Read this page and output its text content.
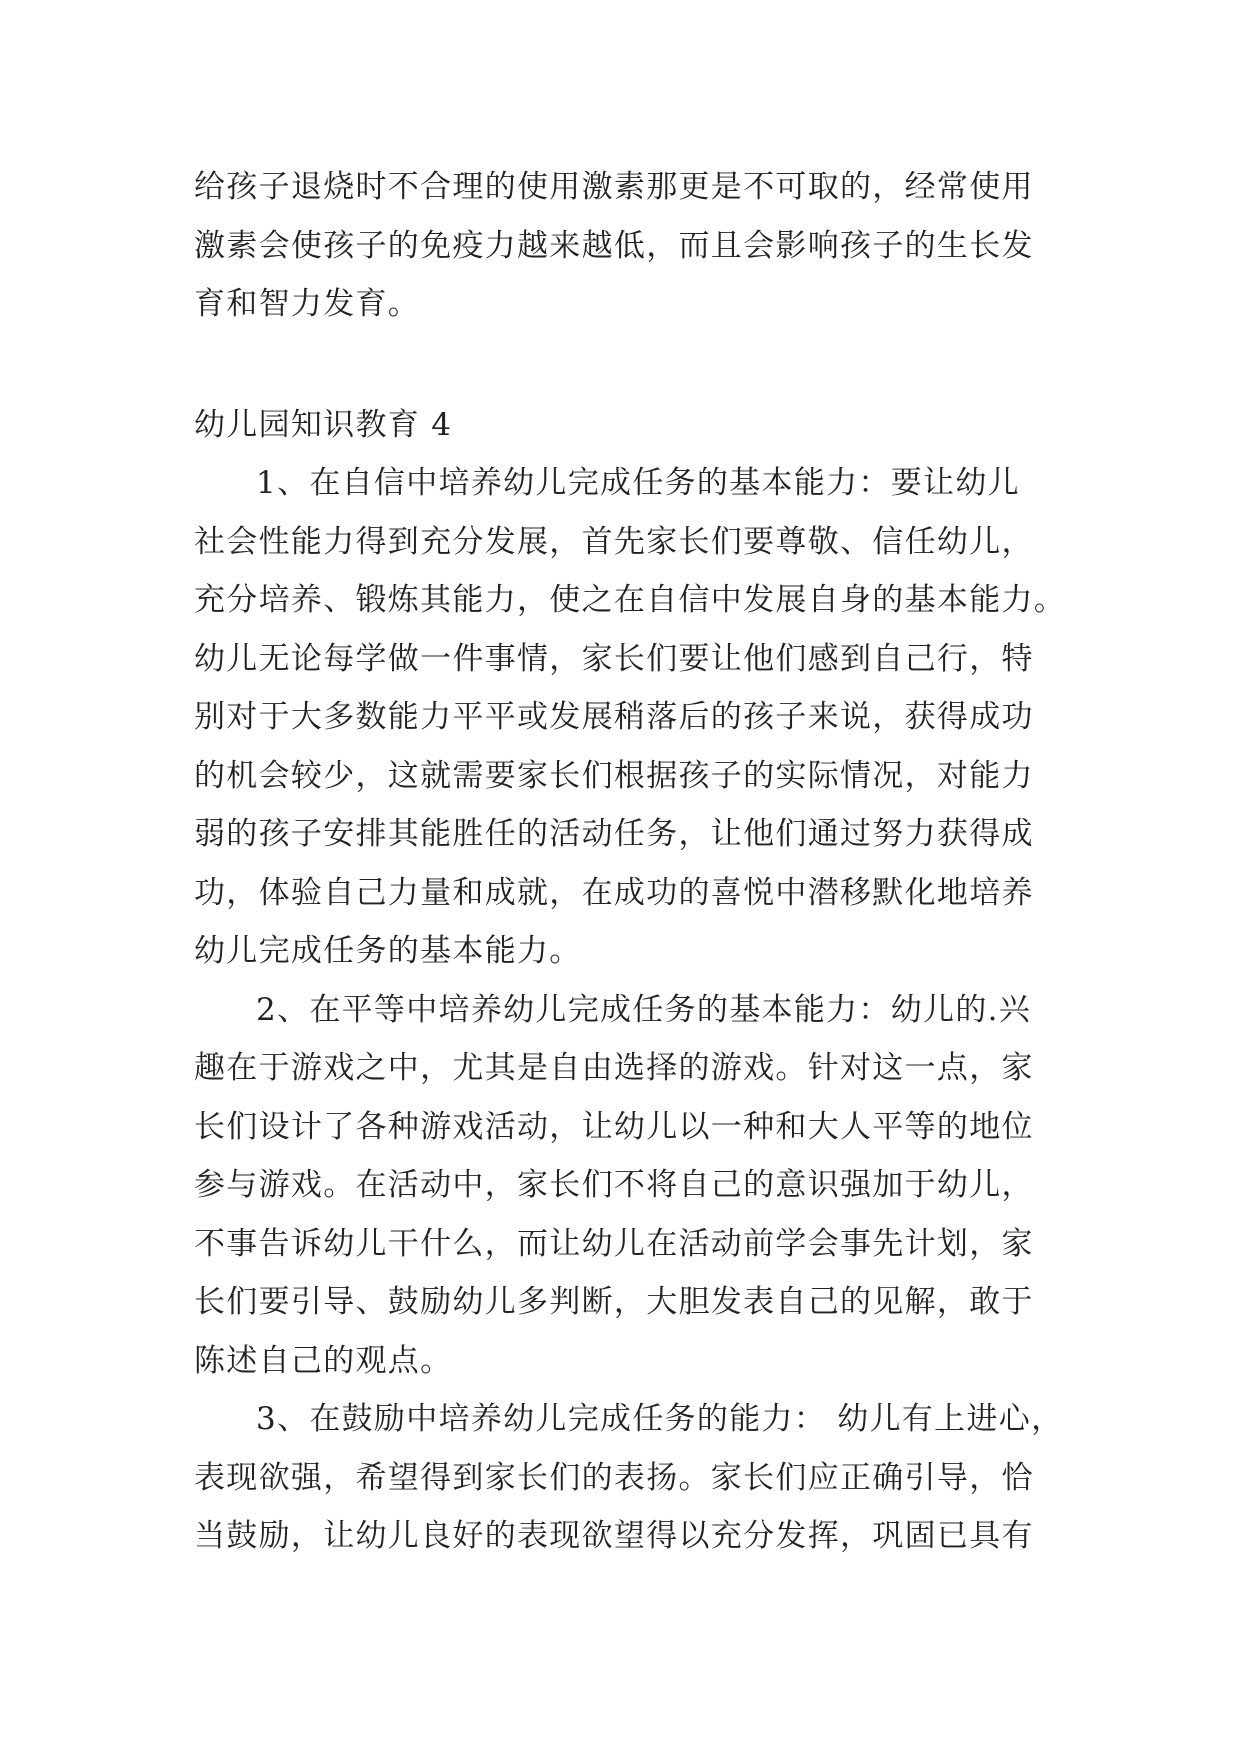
给孩子退烧时不合理的使用激素那更是不可取的，经常使用
激素会使孩子的免疫力越来越低，而且会影响孩子的生长发
育和智力发育。
幼儿园知识教育 4
1、在自信中培养幼儿完成任务的基本能力：要让幼儿
社会性能力得到充分发展，首先家长们要尊敬、信任幼儿，
充分培养、锻炼其能力，使之在自信中发展自身的基本能力。
幼儿无论每学做一件事情，家长们要让他们感到自己行，特
别对于大多数能力平平或发展稍落后的孩子来说，获得成功
的机会较少，这就需要家长们根据孩子的实际情况，对能力
弱的孩子安排其能胜任的活动任务，让他们通过努力获得成
功，体验自己力量和成就，在成功的喜悦中潜移默化地培养
幼儿完成任务的基本能力。
2、在平等中培养幼儿完成任务的基本能力：幼儿的.兴
趣在于游戏之中，尤其是自由选择的游戏。针对这一点，家
长们设计了各种游戏活动，让幼儿以一种和大人平等的地位
参与游戏。在活动中，家长们不将自己的意识强加于幼儿，
不事告诉幼儿干什么，而让幼儿在活动前学会事先计划，家
长们要引导、鼓励幼儿多判断，大胆发表自己的见解，敢于
陈述自己的观点。
3、在鼓励中培养幼儿完成任务的能力： 幼儿有上进心，
表现欲强，希望得到家长们的表扬。家长们应正确引导，恰
当鼓励，让幼儿良好的表现欲望得以充分发挥，巩固已具有
